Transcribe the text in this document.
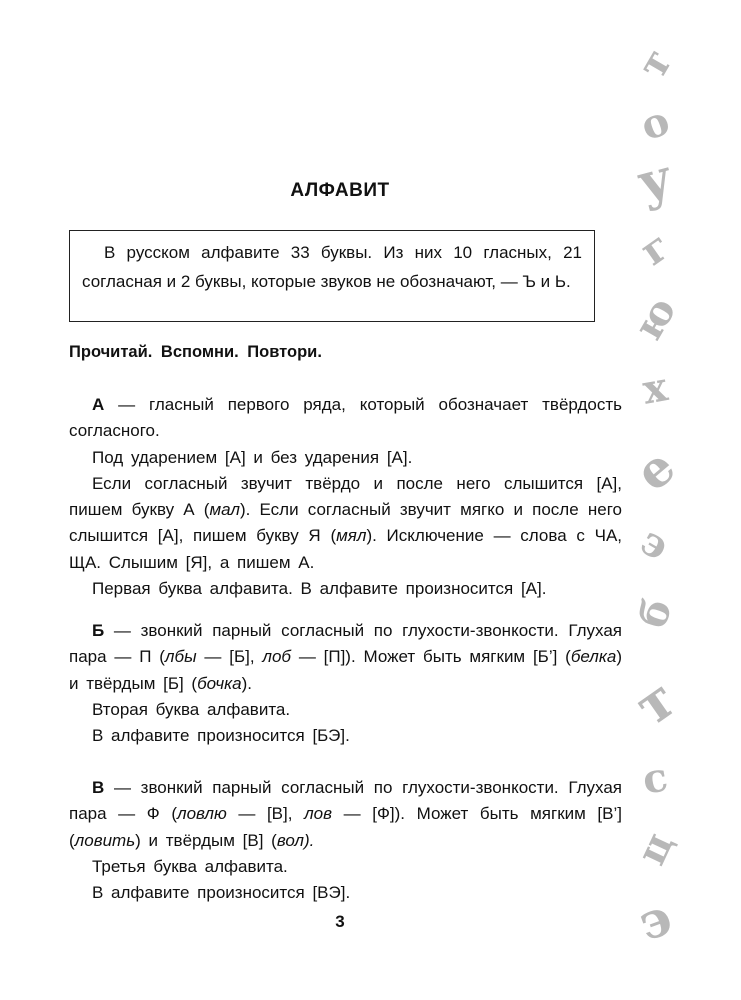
АЛФАВИТ

В русском алфавите 33 буквы. Из них 10 гласных, 21 согласная и 2 буквы, которые звуков не обозначают, — Ъ и Ь.

Прочитай. Вспомни. Повтори.

А — гласный первого ряда, который обозначает твёрдость согласного.

Под ударением [А] и без ударения [А].

Если согласный звучит твёрдо и после него слышится [А], пишем букву А (мал). Если согласный звучит мягко и после него слышится [А], пишем букву Я (мял). Исключение — слова с ЧА, ЩА. Слышим [Я], а пишем А.

Первая буква алфавита. В алфавите произносится [А].

Б — звонкий парный согласный по глухости-звонкости. Глухая пара — П (лбы — [Б], лоб — [П]). Может быть мягким [Б’] (белка) и твёрдым [Б] (бочка).

Вторая буква алфавита.

В алфавите произносится [БЭ].

В — звонкий парный согласный по глухости-звонкости. Глухая пара — Ф (ловлю — [В], лов — [Ф]). Может быть мягким [В’] (ловить) и твёрдым [В] (вол).

Третья буква алфавита.

В алфавите произносится [ВЭ].

3
т
о
у
г
ю
х
е
э
б
т
с
ц
э
